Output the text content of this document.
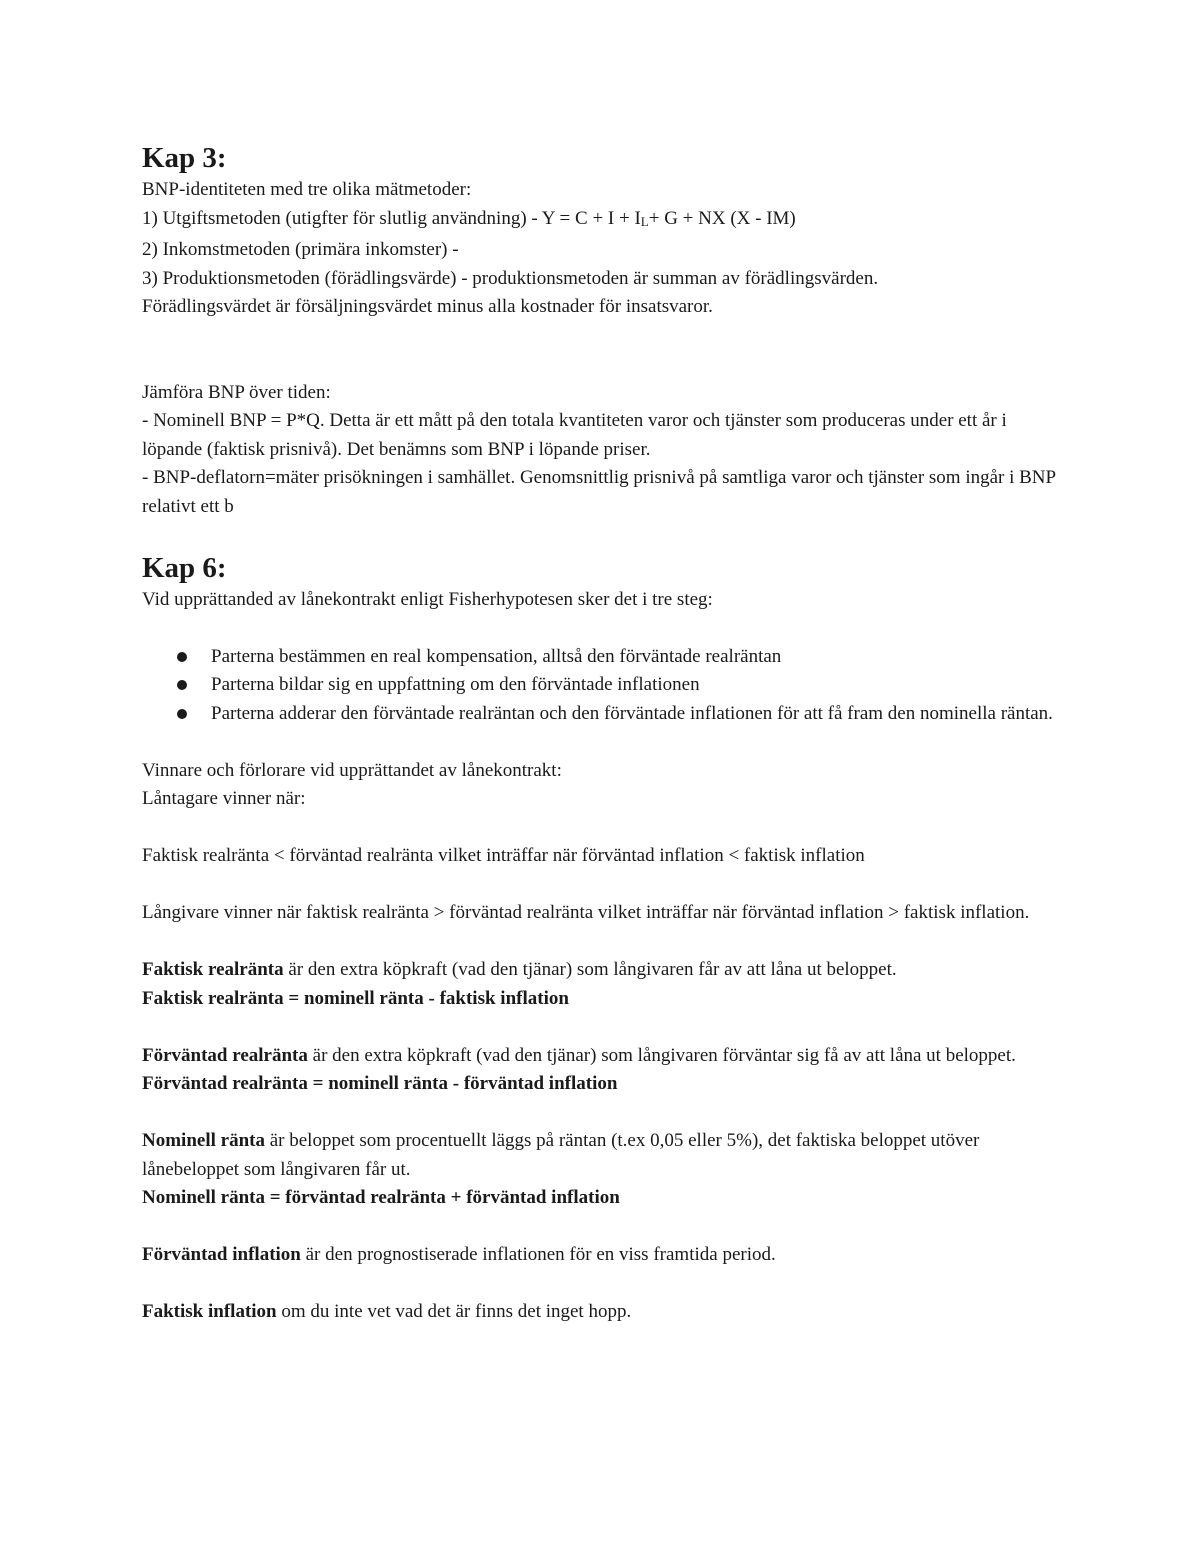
Kap 3:

BNP-identiteten med tre olika mätmetoder:

1) Utgiftsmetoden (utigfter för slutlig användning) - Y = C + I + IL+ G + NX (X - IM)

2) Inkomstmetoden (primära inkomster) -

3) Produktionsmetoden (förädlingsvärde) - produktionsmetoden är summan av förädlingsvärden.

Förädlingsvärdet är försäljningsvärdet minus alla kostnader för insatsvaror.

Jämföra BNP över tiden:

- Nominell BNP = P*Q. Detta är ett mått på den totala kvantiteten varor och tjänster som produceras under ett år i löpande (faktisk prisnivå). Det benämns som BNP i löpande priser.

- BNP-deflatorn=mäter prisökningen i samhället. Genomsnittlig prisnivå på samtliga varor och tjänster som ingår i BNP relativt ett b

Kap 6:

Vid upprättanded av lånekontrakt enligt Fisherhypotesen sker det i tre steg:

Parterna bestämmen en real kompensation, alltså den förväntade realräntan
Parterna bildar sig en uppfattning om den förväntade inflationen
Parterna adderar den förväntade realräntan och den förväntade inflationen för att få fram den nominella räntan.

Vinnare och förlorare vid upprättandet av lånekontrakt:

Låntagare vinner när:

Faktisk realränta < förväntad realränta vilket inträffar när förväntad inflation < faktisk inflation

Långivare vinner när faktisk realränta > förväntad realränta vilket inträffar när förväntad inflation > faktisk inflation.

Faktisk realränta är den extra köpkraft (vad den tjänar) som långivaren får av att låna ut beloppet.

Faktisk realränta = nominell ränta - faktisk inflation

Förväntad realränta är den extra köpkraft (vad den tjänar) som långivaren förväntar sig få av att låna ut beloppet.

Förväntad realränta = nominell ränta - förväntad inflation

Nominell ränta är beloppet som procentuellt läggs på räntan (t.ex 0,05 eller 5%), det faktiska beloppet utöver lånebeloppet som långivaren får ut.

Nominell ränta = förväntad realränta + förväntad inflation

Förväntad inflation är den prognostiserade inflationen för en viss framtida period.

Faktisk inflation om du inte vet vad det är finns det inget hopp.
